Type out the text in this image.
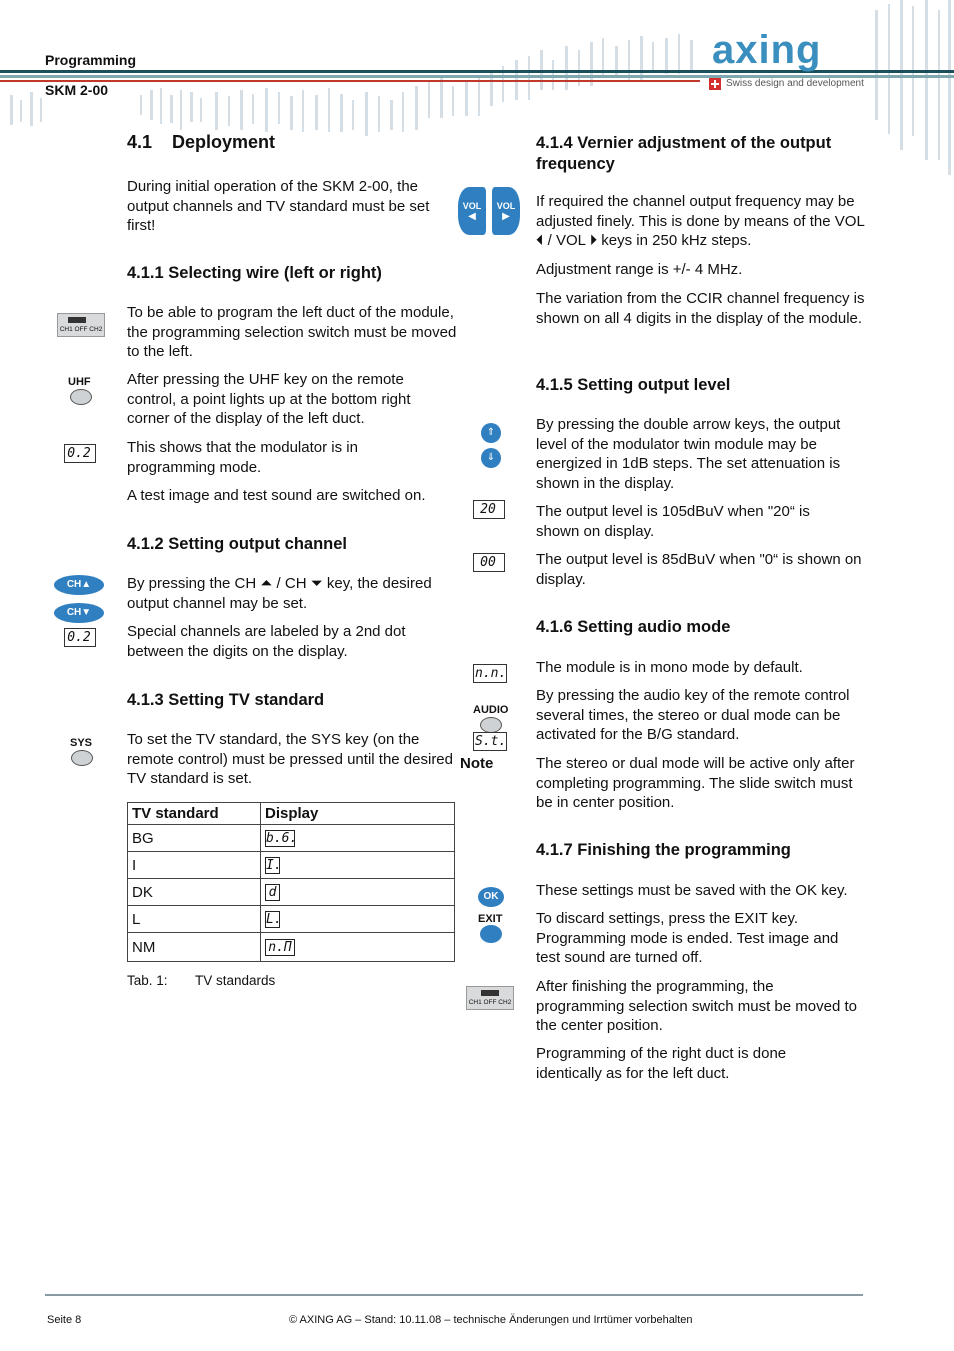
Programming
SKM 2-00
axing
Swiss design and development
4.1 Deployment
During initial operation of the SKM 2-00, the output channels and TV standard must be set first!
4.1.1 Selecting wire (left or right)
CH1 OFF CH2
To be able to program the left duct of the module, the programming selection switch must be moved to the left.
UHF After pressing the UHF key on the remote control, a point lights up at the bottom right corner of the display of the left duct.
0.2 This shows that the modulator is in programming mode.
A test image and test sound are switched on.
4.1.2 Setting output channel
CH▲
CH▼
0.2
By pressing the CH ⏶ / CH ⏷ key, the desired output channel may be set.
Special channels are labeled by a 2nd dot between the digits on the display.
4.1.3 Setting TV standard
SYS To set the TV standard, the SYS key (on the remote control) must be pressed until the desired TV standard is set.
TV standard	Display
BG	b.6.
I	I.
DK	d
L	L.
NM	n.Π
Tab. 1: TV standards
VOL
◀
VOL
▶
4.1.4 Vernier adjustment of the output frequency
If required the channel output frequency may be adjusted finely. This is done by means of the VOL ⏴ / VOL ⏵ keys in 250 kHz steps.
Adjustment range is +/- 4 MHz.
The variation from the CCIR channel frequency is shown on all 4 digits in the display of the module.
4.1.5 Setting output level
⇑
⇓
By pressing the double arrow keys, the output level of the modulator twin module may be energized in 1dB steps. The set attenuation is shown in the display.
20	The output level is 105dBuV when "20“ is shown on display.
00	The output level is 85dBuV when "0“ is shown on display.
4.1.6 Setting audio mode
n.n. The module is in mono mode by default.
AUDIO
S.t.
By pressing the audio key of the remote control several times, the stereo or dual mode can be activated for the B/G standard.
Note	The stereo or dual mode will be active only after completing programming. The slide switch must be in center position.
4.1.7 Finishing the programming
OK
EXIT
These settings must be saved with the OK key.
To discard settings, press the EXIT key. Programming mode is ended. Test image and test sound are turned off.
CH1 OFF CH2
After finishing the programming, the programming selection switch must be moved to the center position.
Programming of the right duct is done identically as for the left duct.
Seite 8	© AXING AG – Stand: 10.11.08 – technische Änderungen und Irrtümer vorbehalten
